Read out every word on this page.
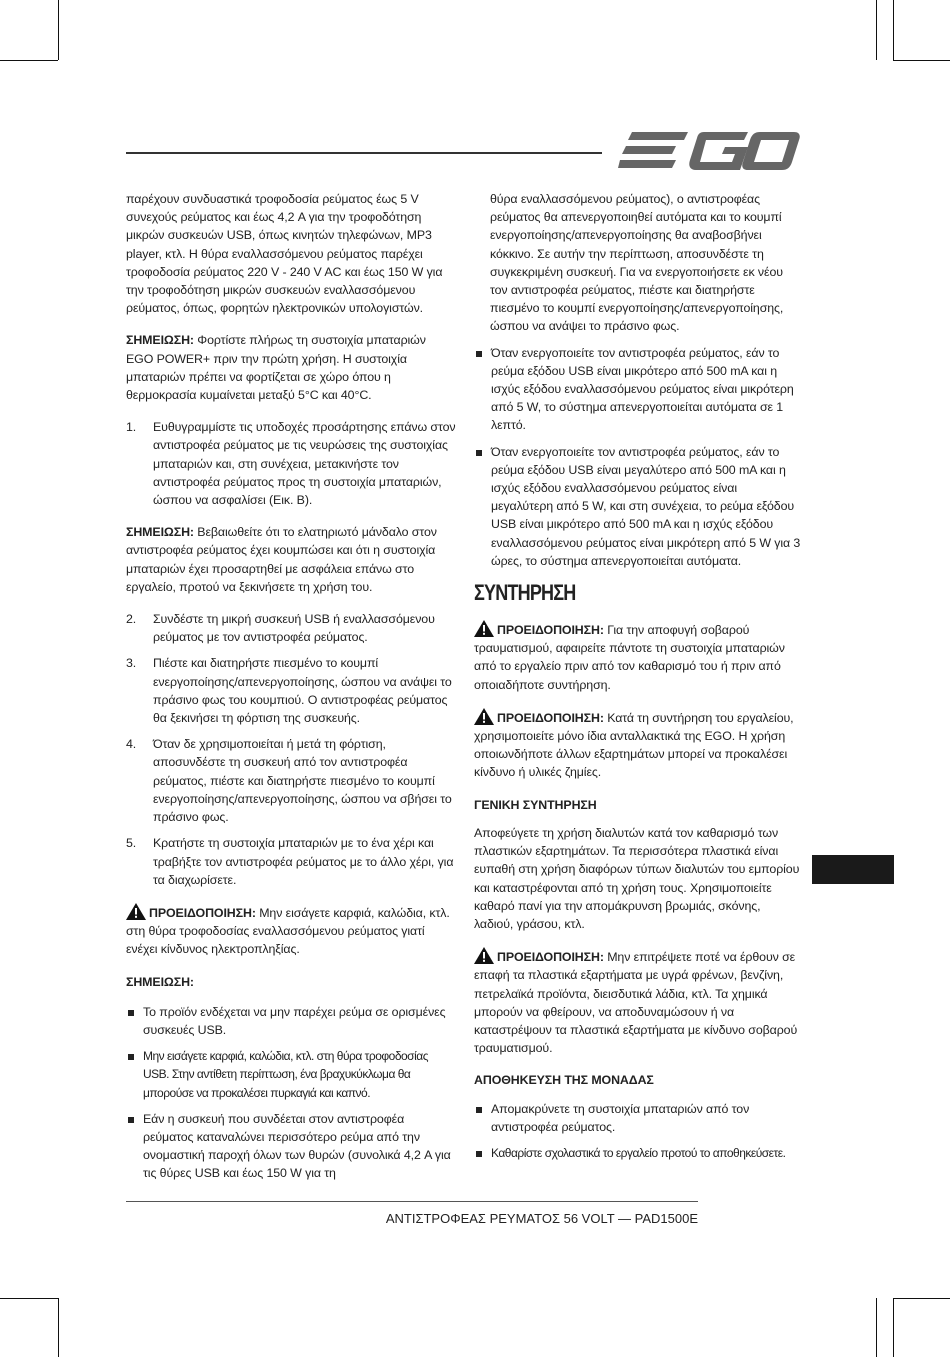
παρέχουν συνδυαστικά τροφοδοσία ρεύματος έως 5 V συνεχούς ρεύματος και έως 4,2 A για την τροφοδότηση μικρών συσκευών USB, όπως κινητών τηλεφώνων, MP3 player, κτλ. Η θύρα εναλλασσόμενου ρεύματος παρέχει τροφοδοσία ρεύματος 220 V - 240 V AC και έως 150 W για την τροφοδότηση μικρών συσκευών εναλλασσόμενου ρεύματος, όπως, φορητών ηλεκτρονικών υπολογιστών.

ΣΗΜΕΙΩΣΗ: Φορτίστε πλήρως τη συστοιχία μπαταριών EGO POWER+ πριν την πρώτη χρήση. Η συστοιχία μπαταριών πρέπει να φορτίζεται σε χώρο όπου η θερμοκρασία κυμαίνεται μεταξύ 5°C και 40°C.

1.	Ευθυγραμμίστε τις υποδοχές προσάρτησης επάνω στον αντιστροφέα ρεύματος με τις νευρώσεις της συστοιχίας μπαταριών και, στη συνέχεια, μετακινήστε τον αντιστροφέα ρεύματος προς τη συστοιχία μπαταριών, ώσπου να ασφαλίσει (Εικ. B).

ΣΗΜΕΙΩΣΗ: Βεβαιωθείτε ότι το ελατηριωτό μάνδαλο στον αντιστροφέα ρεύματος έχει κουμπώσει και ότι η συστοιχία μπαταριών έχει προσαρτηθεί με ασφάλεια επάνω στο εργαλείο, προτού να ξεκινήσετε τη χρήση του.

2.	Συνδέστε τη μικρή συσκευή USB ή εναλλασσόμενου ρεύματος με τον αντιστροφέα ρεύματος.
3.	Πιέστε και διατηρήστε πιεσμένο το κουμπί ενεργοποίησης/απενεργοποίησης, ώσπου να ανάψει το πράσινο φως του κουμπιού. Ο αντιστροφέας ρεύματος θα ξεκινήσει τη φόρτιση της συσκευής.
4.	Όταν δε χρησιμοποιείται ή μετά τη φόρτιση, αποσυνδέστε τη συσκευή από τον αντιστροφέα ρεύματος, πιέστε και διατηρήστε πιεσμένο το κουμπί ενεργοποίησης/απενεργοποίησης, ώσπου να σβήσει το πράσινο φως.
5.	Κρατήστε τη συστοιχία μπαταριών με το ένα χέρι και τραβήξτε τον αντιστροφέα ρεύματος με το άλλο χέρι, για τα διαχωρίσετε.

ΠΡΟΕΙΔΟΠΟΙΗΣΗ: Μην εισάγετε καρφιά, καλώδια, κτλ. στη θύρα τροφοδοσίας εναλλασσόμενου ρεύματος γιατί ενέχει κίνδυνος ηλεκτροπληξίας.

ΣΗΜΕΙΩΣΗ:

Το προϊόν ενδέχεται να μην παρέχει ρεύμα σε ορισμένες συσκευές USB.
Μην εισάγετε καρφιά, καλώδια, κτλ. στη θύρα τροφοδοσίας USB. Στην αντίθετη περίπτωση, ένα βραχυκύκλωμα θα μπορούσε να προκαλέσει πυρκαγιά και καπνό.
Εάν η συσκευή που συνδέεται στον αντιστροφέα ρεύματος καταναλώνει περισσότερο ρεύμα από την ονομαστική παροχή όλων των θυρών (συνολικά 4,2 A για τις θύρες USB και έως 150 W για τη

θύρα εναλλασσόμενου ρεύματος), ο αντιστροφέας ρεύματος θα απενεργοποιηθεί αυτόματα και το κουμπί ενεργοποίησης/απενεργοποίησης θα αναβοσβήνει κόκκινο. Σε αυτήν την περίπτωση, αποσυνδέστε τη συγκεκριμένη συσκευή. Για να ενεργοποιήσετε εκ νέου τον αντιστροφέα ρεύματος, πιέστε και διατηρήστε πιεσμένο το κουμπί ενεργοποίησης/απενεργοποίησης, ώσπου να ανάψει το πράσινο φως.

Όταν ενεργοποιείτε τον αντιστροφέα ρεύματος, εάν το ρεύμα εξόδου USB είναι μικρότερο από 500 mA και η ισχύς εξόδου εναλλασσόμενου ρεύματος είναι μικρότερη από 5 W, το σύστημα απενεργοποιείται αυτόματα σε 1 λεπτό.
Όταν ενεργοποιείτε τον αντιστροφέα ρεύματος, εάν το ρεύμα εξόδου USB είναι μεγαλύτερο από 500 mA και η ισχύς εξόδου εναλλασσόμενου ρεύματος είναι μεγαλύτερη από 5 W, και στη συνέχεια, το ρεύμα εξόδου USB είναι μικρότερο από 500 mA και η ισχύς εξόδου εναλλασσόμενου ρεύματος είναι μικρότερη από 5 W για 3 ώρες, το σύστημα απενεργοποιείται αυτόματα.
ΣΥΝΤΗΡΗΣΗ

ΠΡΟΕΙΔΟΠΟΙΗΣΗ: Για την αποφυγή σοβαρού τραυματισμού, αφαιρείτε πάντοτε τη συστοιχία μπαταριών από το εργαλείο πριν από τον καθαρισμό του ή πριν από οποιαδήποτε συντήρηση.

ΠΡΟΕΙΔΟΠΟΙΗΣΗ: Κατά τη συντήρηση του εργαλείου, χρησιμοποιείτε μόνο ίδια ανταλλακτικά της EGO. Η χρήση οποιωνδήποτε άλλων εξαρτημάτων μπορεί να προκαλέσει κίνδυνο ή υλικές ζημίες.

ΓΕΝΙΚΗ ΣΥΝΤΗΡΗΣΗ

Αποφεύγετε τη χρήση διαλυτών κατά τον καθαρισμό των πλαστικών εξαρτημάτων. Τα περισσότερα πλαστικά είναι ευπαθή στη χρήση διαφόρων τύπων διαλυτών του εμπορίου και καταστρέφονται από τη χρήση τους. Χρησιμοποιείτε καθαρό πανί για την απομάκρυνση βρωμιάς, σκόνης, λαδιού, γράσου, κτλ.

ΠΡΟΕΙΔΟΠΟΙΗΣΗ: Μην επιτρέψετε ποτέ να έρθουν σε επαφή τα πλαστικά εξαρτήματα με υγρά φρένων, βενζίνη, πετρελαϊκά προϊόντα, διεισδυτικά λάδια, κτλ. Τα χημικά μπορούν να φθείρουν, να αποδυναμώσουν ή να καταστρέψουν τα πλαστικά εξαρτήματα με κίνδυνο σοβαρού τραυματισμού.

ΑΠΟΘΗΚΕΥΣΗ ΤΗΣ ΜΟΝΑΔΑΣ
Απομακρύνετε τη συστοιχία μπαταριών από τον αντιστροφέα ρεύματος.
Καθαρίστε σχολαστικά το εργαλείο προτού το αποθηκεύσετε.
ΑΝΤΙΣΤΡΟΦΕΑΣ ΡΕΥΜΑΤΟΣ 56 VOLT — PAD1500E
